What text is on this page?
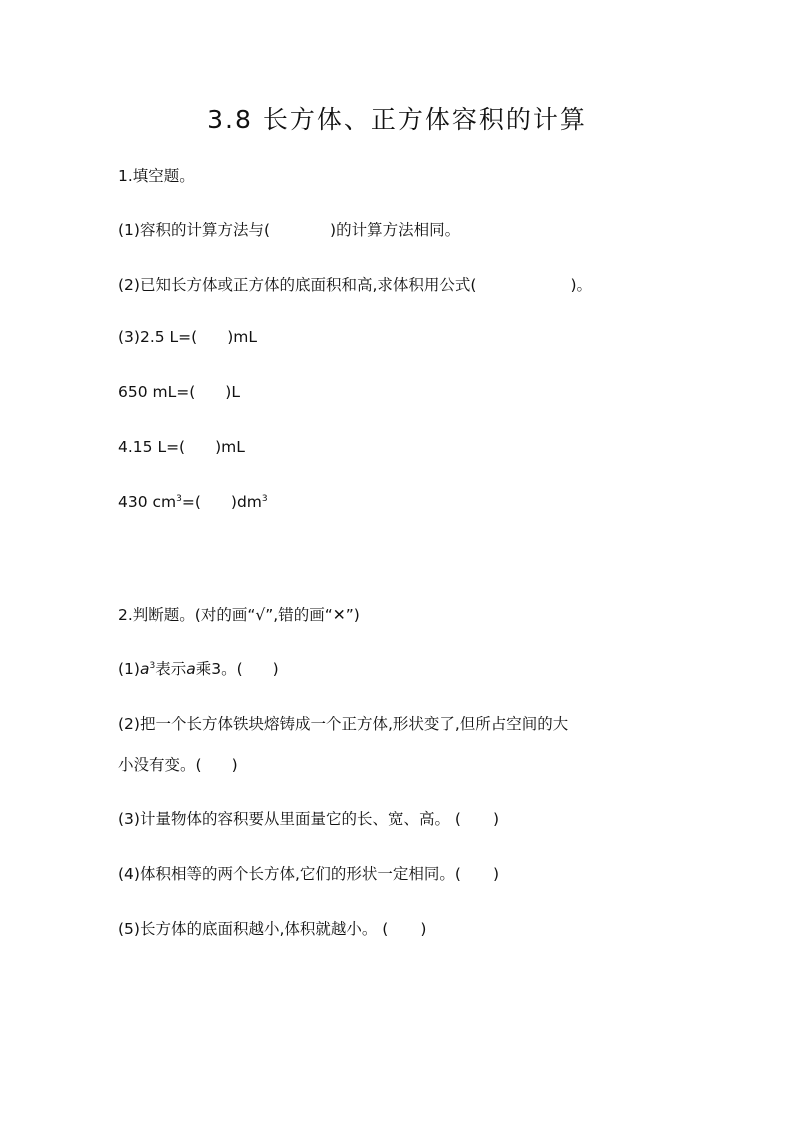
3.8 长方体、正方体容积的计算
1.填空题。
(1)容积的计算方法与(	)的计算方法相同。
(2)已知长方体或正方体的底面积和高,求体积用公式(	)。
(3)2.5 L=( )mL
650 mL=( )L
4.15 L=( )mL
430 $cm^3=$( )$dm^3$
2.判断题。(对的画“√”,错的画“✕”)
$(1)a^3$表示a乘3。( )
(2)把一个长方体铁块熔铸成一个正方体,形状变了,但所占空间的大
小没有变。( )
(3)计量物体的容积要从里面量它的长、宽、高。 ( )
(4)体积相等的两个长方体,它们的形状一定相同。( )
(5)长方体的底面积越小,体积就越小。 ( )
